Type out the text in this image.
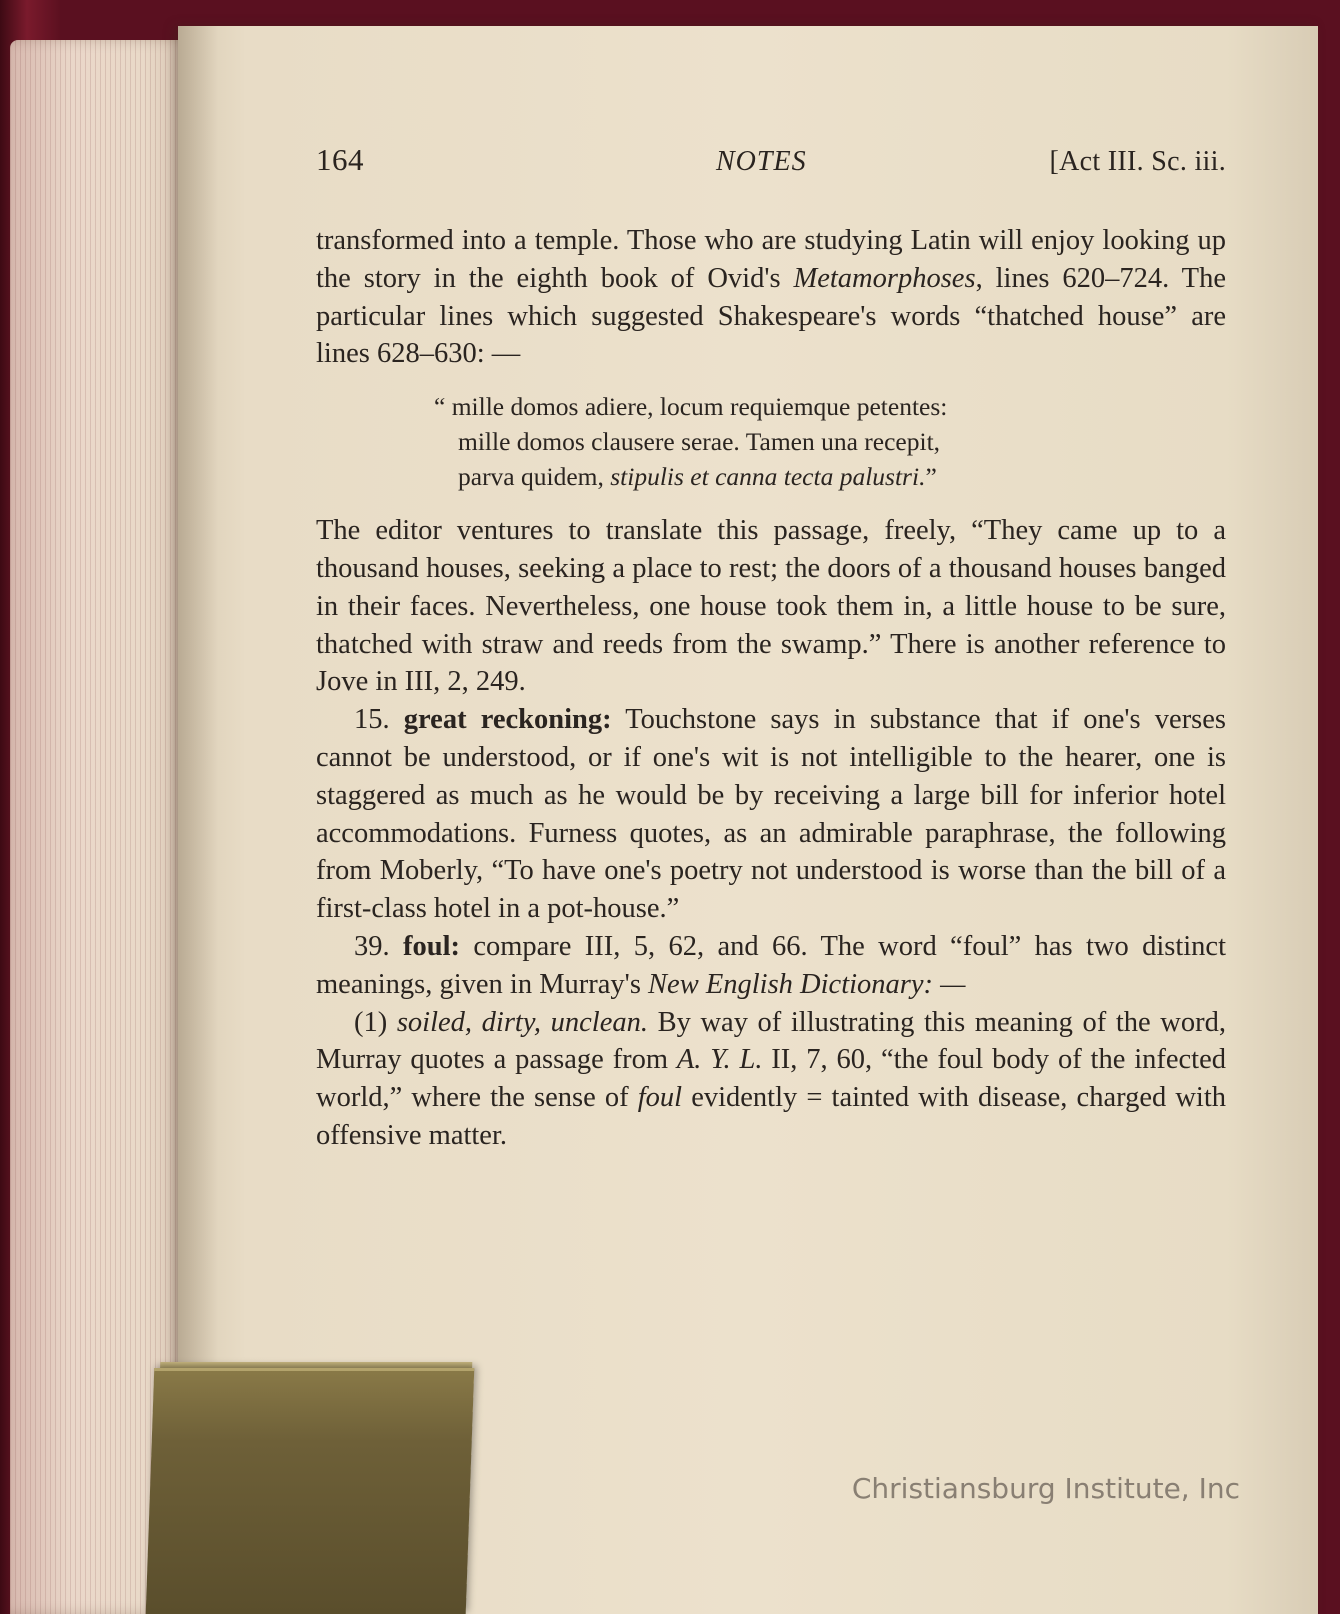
164	NOTES	[Act III. Sc. iii.

transformed into a temple. Those who are studying Latin will enjoy looking up the story in the eighth book of Ovid's Metamorphoses, lines 620–724. The particular lines which suggested Shakespeare's words “thatched house” are lines 628–630: —

“ mille domos adiere, locum requiemque petentes:
mille domos clausere serae. Tamen una recepit,
parva quidem, stipulis et canna tecta palustri.”

The editor ventures to translate this passage, freely, “They came up to a thousand houses, seeking a place to rest; the doors of a thousand houses banged in their faces. Nevertheless, one house took them in, a little house to be sure, thatched with straw and reeds from the swamp.” There is another reference to Jove in III, 2, 249.

15. great reckoning: Touchstone says in substance that if one's verses cannot be understood, or if one's wit is not intelligible to the hearer, one is staggered as much as he would be by receiving a large bill for inferior hotel accommodations. Furness quotes, as an admirable paraphrase, the following from Moberly, “To have one's poetry not understood is worse than the bill of a first-class hotel in a pot-house.”

39. foul: compare III, 5, 62, and 66. The word “foul” has two distinct meanings, given in Murray's New English Dictionary: —

(1) soiled, dirty, unclean. By way of illustrating this meaning of the word, Murray quotes a passage from A. Y. L. II, 7, 60, “the foul body of the infected world,” where the sense of foul evidently = tainted with disease, charged with offensive matter.

Christiansburg Institute, Inc
